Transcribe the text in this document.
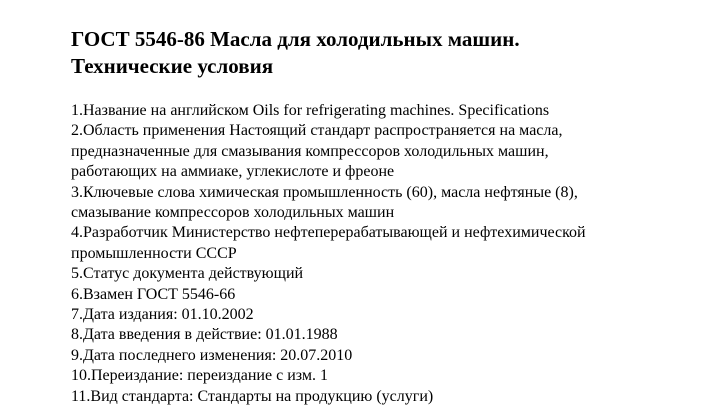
ГОСТ 5546-86 Масла для холодильных машин.
Технические условия
1.Название на английском Oils for refrigerating machines. Specifications
2.Область применения Настоящий стандарт распространяется на масла,
предназначенные для смазывания компрессоров холодильных машин,
работающих на аммиаке, углекислоте и фреоне
3.Ключевые слова химическая промышленность (60), масла нефтяные (8),
смазывание компрессоров холодильных машин
4.Разработчик Министерство нефтеперерабатывающей и нефтехимической
промышленности СССР
5.Статус документа действующий
6.Взамен ГОСТ 5546-66
7.Дата издания: 01.10.2002
8.Дата введения в действие: 01.01.1988
9.Дата последнего изменения: 20.07.2010
10.Переиздание: переиздание с изм. 1
11.Вид стандарта: Стандарты на продукцию (услуги)
